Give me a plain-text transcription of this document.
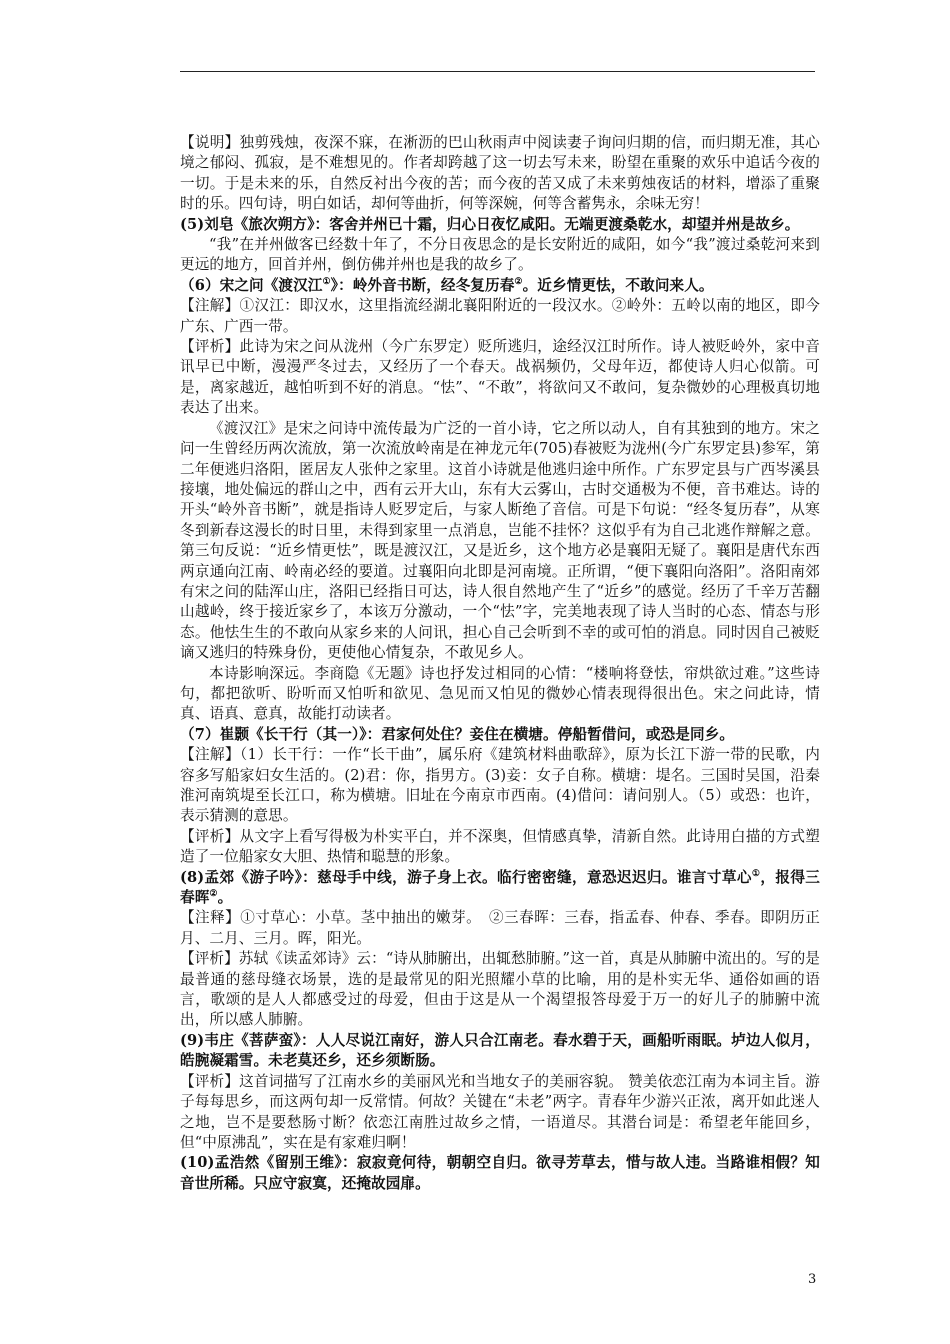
【说明】独剪残烛，夜深不寐，在淅沥的巴山秋雨声中阅读妻子询问归期的信，而归期无准，其心境之郁闷、孤寂，是不难想见的。作者却跨越了这一切去写未来，盼望在重聚的欢乐中追话今夜的一切。于是未来的乐，自然反衬出今夜的苦；而今夜的苦又成了未来剪烛夜话的材料，增添了重聚时的乐。四句诗，明白如话，却何等曲折，何等深婉，何等含蓄隽永，余味无穷！

(5)刘皂《旅次朔方》：客舍并州已十霜，归心日夜忆咸阳。无端更渡桑乾水，却望并州是故乡。

“我”在并州做客已经数十年了，不分日夜思念的是长安附近的咸阳，如今“我”渡过桑乾河来到更远的地方，回首并州，倒仿佛并州也是我的故乡了。

（6）宋之问《渡汉江①》：岭外音书断，经冬复历春②。近乡情更怯，不敢问来人。

【注解】①汉江：即汉水，这里指流经湖北襄阳附近的一段汉水。②岭外：五岭以南的地区，即今广东、广西一带。

【评析】此诗为宋之问从泷州（今广东罗定）贬所逃归，途经汉江时所作。诗人被贬岭外，家中音讯早已中断，漫漫严冬过去，又经历了一个春天。战祸频仍，父母年迈，都使诗人归心似箭。可是，离家越近，越怕听到不好的消息。“怯”、“不敢”，将欲问又不敢问，复杂微妙的心理极真切地表达了出来。

《渡汉江》是宋之问诗中流传最为广泛的一首小诗，它之所以动人，自有其独到的地方。宋之问一生曾经历两次流放，第一次流放岭南是在神龙元年(705)春被贬为泷州(今广东罗定县)参军，第二年便逃归洛阳，匿居友人张仲之家里。这首小诗就是他逃归途中所作。广东罗定县与广西岑溪县接壤，地处偏远的群山之中，西有云开大山，东有大云雾山，古时交通极为不便，音书难达。诗的开头“岭外音书断”，就是指诗人贬罗定后，与家人断绝了音信。可是下句说：“经冬复历春”，从寒冬到新春这漫长的时日里，未得到家里一点消息，岂能不挂怀？这似乎有为自己北逃作辩解之意。第三句反说：“近乡情更怯”，既是渡汉江，又是近乡，这个地方必是襄阳无疑了。襄阳是唐代东西两京通向江南、岭南必经的要道。过襄阳向北即是河南境。正所谓，“便下襄阳向洛阳”。洛阳南郊有宋之问的陆浑山庄，洛阳已经指日可达，诗人很自然地产生了“近乡”的感觉。经历了千辛万苦翻山越岭，终于接近家乡了，本该万分激动，一个“怯”字，完美地表现了诗人当时的心态、情态与形态。他怯生生的不敢向从家乡来的人问讯，担心自己会听到不幸的或可怕的消息。同时因自己被贬谪又逃归的特殊身份，更使他心情复杂，不敢见乡人。

本诗影响深远。李商隐《无题》诗也抒发过相同的心情：“楼响将登怯，帘烘欲过难。”这些诗句，都把欲听、盼听而又怕听和欲见、急见而又怕见的微妙心情表现得很出色。宋之问此诗，情真、语真、意真，故能打动读者。

（7）崔颢《长干行（其一）》：君家何处住？妾住在横塘。停船暂借问，或恐是同乡。

【注解】（1）长干行：一作“长干曲”，属乐府《建筑材料曲歌辞》，原为长江下游一带的民歌，内容多写船家妇女生活的。(2)君：你，指男方。(3)妾：女子自称。横塘：堤名。三国时吴国，沿秦淮河南筑堤至长江口，称为横塘。旧址在今南京市西南。(4)借问：请问别人。（5）或恐：也许，表示猜测的意思。

【评析】从文字上看写得极为朴实平白，并不深奥，但情感真挚，清新自然。此诗用白描的方式塑造了一位船家女大胆、热情和聪慧的形象。

(8)孟郊《游子吟》：慈母手中线，游子身上衣。临行密密缝，意恐迟迟归。谁言寸草心①，报得三春晖②。

【注释】①寸草心：小草。茎中抽出的嫩芽。　②三春晖：三春，指孟春、仲春、季春。即阴历正月、二月、三月。晖，阳光。

【评析】苏轼《读孟郊诗》云：“诗从肺腑出，出辄愁肺腑。”这一首，真是从肺腑中流出的。写的是最普通的慈母缝衣场景，选的是最常见的阳光照耀小草的比喻，用的是朴实无华、通俗如画的语言，歌颂的是人人都感受过的母爱，但由于这是从一个渴望报答母爱于万一的好儿子的肺腑中流出，所以感人肺腑。

(9)韦庄《菩萨蛮》：人人尽说江南好，游人只合江南老。春水碧于天，画船听雨眠。垆边人似月，皓腕凝霜雪。未老莫还乡，还乡须断肠。

【评析】这首词描写了江南水乡的美丽风光和当地女子的美丽容貌。 赞美依恋江南为本词主旨。游子每每思乡，而这两句却一反常情。何故？关键在“未老”两字。青春年少游兴正浓，离开如此迷人之地，岂不是要愁肠寸断？依恋江南胜过故乡之情，一语道尽。其潜台词是：希望老年能回乡，但“中原沸乱”，实在是有家难归啊！

(10)孟浩然《留别王维》：寂寂竟何待，朝朝空自归。欲寻芳草去，惜与故人违。当路谁相假？知音世所稀。只应守寂寞，还掩故园扉。

3
